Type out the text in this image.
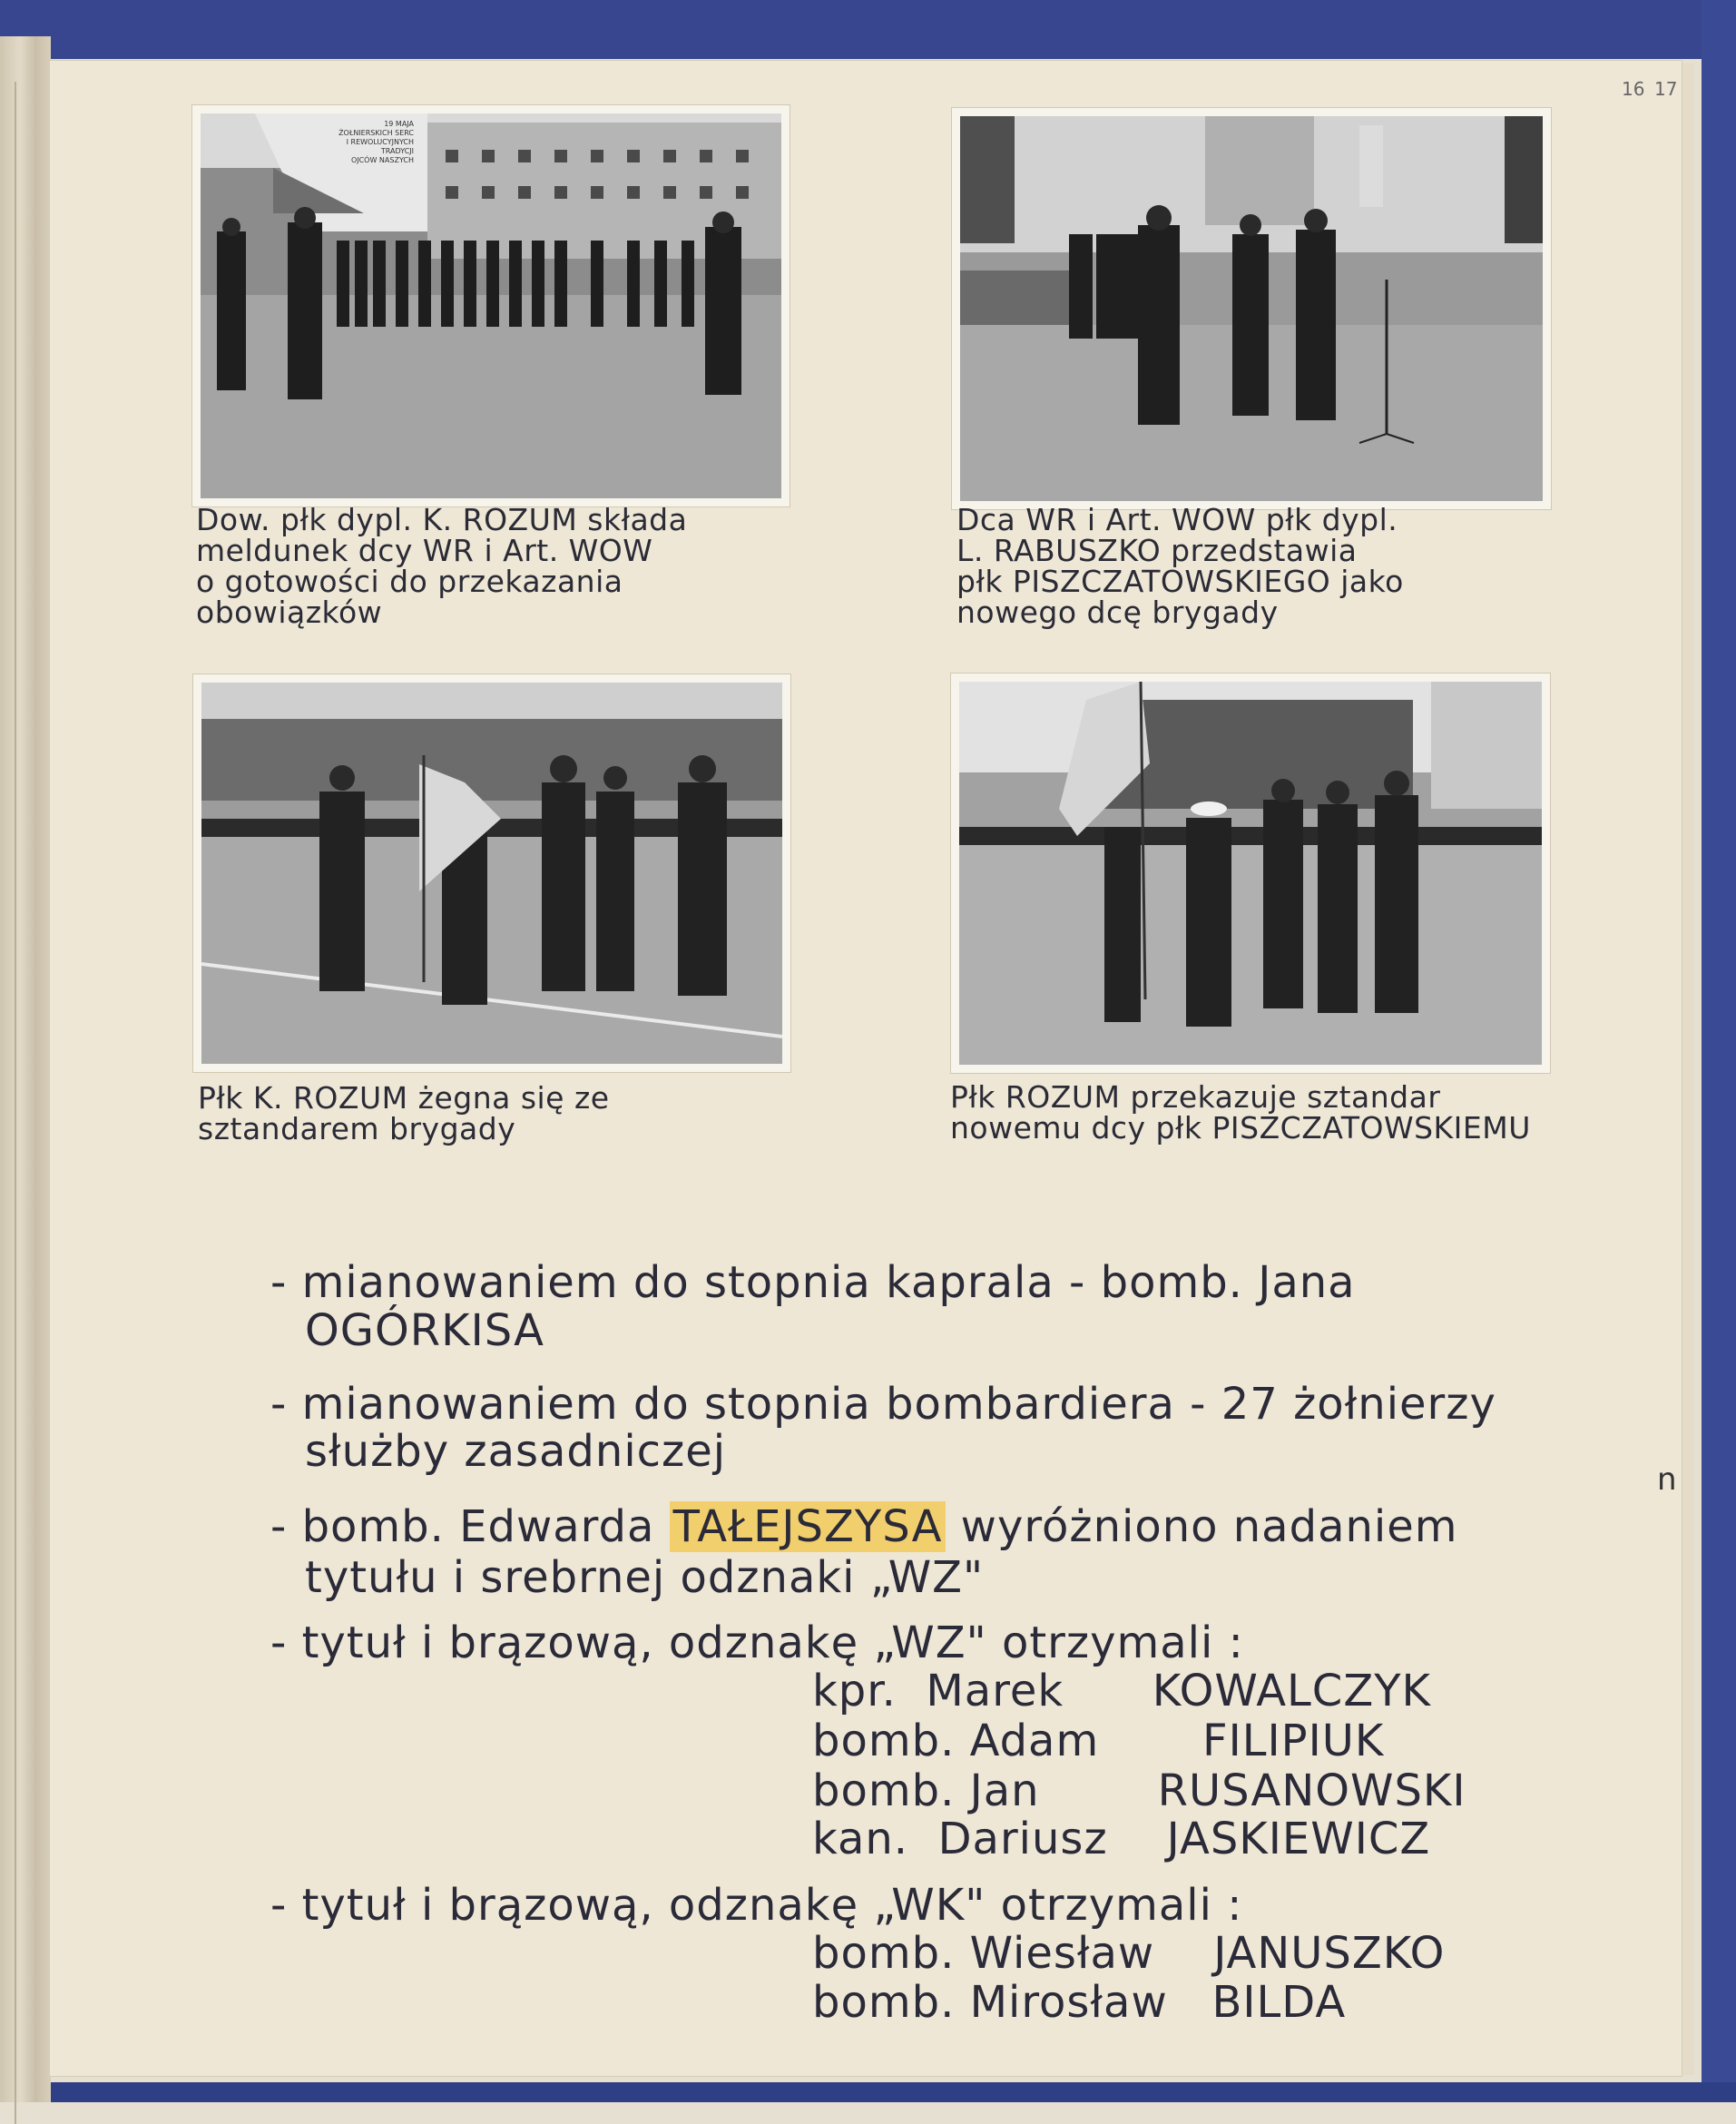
16 17
19 MAJA
ŻOŁNIERSKICH SERC
I REWOLUCYJNYCH
TRADYCJI
OJCÓW NASZYCH
Dow. płk dypl. K. ROZUM składa
meldunek dcy WR i Art. WOW
o gotowości do przekazania
obowiązków
Dca WR i Art. WOW płk dypl.
L. RABUSZKO przedstawia
płk PISZCZATOWSKIEGO jako
nowego dcę brygady
Płk K. ROZUM żegna się ze
sztandarem brygady
Płk ROZUM przekazuje sztandar
nowemu dcy płk PISZCZATOWSKIEMU
- mianowaniem do stopnia kaprala - bomb. Jana
OGÓRKISA
- mianowaniem do stopnia bombardiera - 27 żołnierzy
służby zasadniczej
- bomb. Edwarda TAŁEJSZYSA wyróżniono nadaniem
tytułu i srebrnej odznaki „WZ"
- tytuł i brązową, odznakę „WZ" otrzymali :
kpr.  Marek      KOWALCZYK
bomb. Adam       FILIPIUK
bomb. Jan        RUSANOWSKI
kan.  Dariusz    JASKIEWICZ
- tytuł i brązową, odznakę „WK" otrzymali :
bomb. Wiesław    JANUSZKO
bomb. Mirosław   BILDA
n
